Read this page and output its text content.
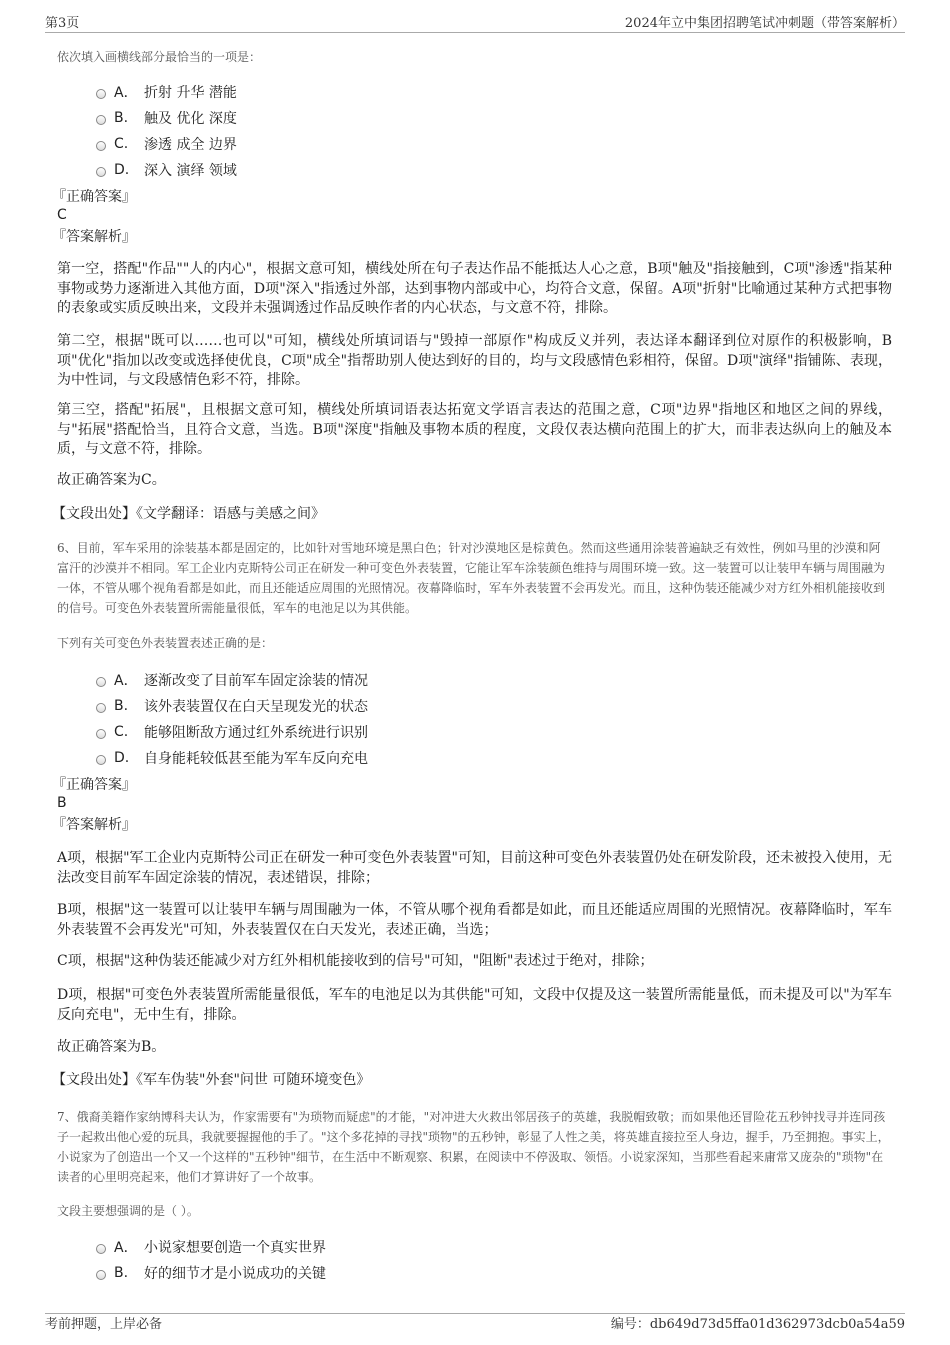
第3页	2024年立中集团招聘笔试冲刺题（带答案解析）
依次填入画横线部分最恰当的一项是：
A． 折射 升华 潜能
B.	触及 优化 深度
C.	渗透 成全 边界
D.	深入 演绎 领域
『正确答案』
C
『答案解析』
第一空，搭配"作品""人的内心"，根据文意可知，横线处所在句子表达作品不能抵达人心之意，B项"触及"指接触到，C项"渗透"指某种事物或势力逐渐进入其他方面，D项"深入"指透过外部，达到事物内部或中心，均符合文意，保留。A项"折射"比喻通过某种方式把事物的表象或实质反映出来，文段并未强调透过作品反映作者的内心状态，与文意不符，排除。
第二空，根据"既可以……也可以"可知，横线处所填词语与"毁掉一部原作"构成反义并列，表达译本翻译到位对原作的积极影响，B项"优化"指加以改变或选择使优良，C项"成全"指帮助别人使达到好的目的，均与文段感情色彩相符，保留。D项"演绎"指铺陈、表现，为中性词，与文段感情色彩不符，排除。
第三空，搭配"拓展"，且根据文意可知，横线处所填词语表达拓宽文学语言表达的范围之意，C项"边界"指地区和地区之间的界线，与"拓展"搭配恰当，且符合文意，当选。B项"深度"指触及事物本质的程度，文段仅表达横向范围上的扩大，而非表达纵向上的触及本质，与文意不符，排除。
故正确答案为C。
【文段出处】《文学翻译：语感与美感之间》
6、目前，军车采用的涂装基本都是固定的，比如针对雪地环境是黑白色；针对沙漠地区是棕黄色。然而这些通用涂装普遍缺乏有效性，例如马里的沙漠和阿富汗的沙漠并不相同。军工企业内克斯特公司正在研发一种可变色外表装置，它能让军车涂装颜色维持与周围环境一致。这一装置可以让装甲车辆与周围融为一体，不管从哪个视角看都是如此，而且还能适应周围的光照情况。夜幕降临时，军车外表装置不会再发光。而且，这种伪装还能减少对方红外相机能接收到的信号。可变色外表装置所需能量很低，军车的电池足以为其供能。
下列有关可变色外表装置表述正确的是：
A． 逐渐改变了目前军车固定涂装的情况
B.	该外表装置仅在白天呈现发光的状态
C.	能够阻断敌方通过红外系统进行识别
D.	自身能耗较低甚至能为军车反向充电
『正确答案』
B
『答案解析』
A项，根据"军工企业内克斯特公司正在研发一种可变色外表装置"可知，目前这种可变色外表装置仍处在研发阶段，还未被投入使用，无法改变目前军车固定涂装的情况，表述错误，排除；
B项，根据"这一装置可以让装甲车辆与周围融为一体，不管从哪个视角看都是如此，而且还能适应周围的光照情况。夜幕降临时，军车外表装置不会再发光"可知，外表装置仅在白天发光，表述正确，当选；
C项，根据"这种伪装还能减少对方红外相机能接收到的信号"可知，"阻断"表述过于绝对，排除；
D项，根据"可变色外表装置所需能量很低，军车的电池足以为其供能"可知，文段中仅提及这一装置所需能量低，而未提及可以"为军车反向充电"，无中生有，排除。
故正确答案为B。
【文段出处】《军车伪装"外套"问世 可随环境变色》
7、俄裔美籍作家纳博科夫认为，作家需要有"为琐物而疑虑"的才能，"对冲进大火救出邻居孩子的英雄，我脱帽致敬；而如果他还冒险花五秒钟找寻并连同孩子一起救出他心爱的玩具，我就要握握他的手了。"这个多花掉的寻找"琐物"的五秒钟，彰显了人性之美，将英雄直接拉至人身边，握手，乃至拥抱。事实上，小说家为了创造出一个又一个这样的"五秒钟"细节，在生活中不断观察、积累，在阅读中不停汲取、领悟。小说家深知，当那些看起来庸常又庞杂的"琐物"在读者的心里明亮起来，他们才算讲好了一个故事。
文段主要想强调的是（ ）。
A． 小说家想要创造一个真实世界
B.	好的细节才是小说成功的关键
考前押题，上岸必备	编号：db649d73d5ffa01d362973dcb0a54a59
